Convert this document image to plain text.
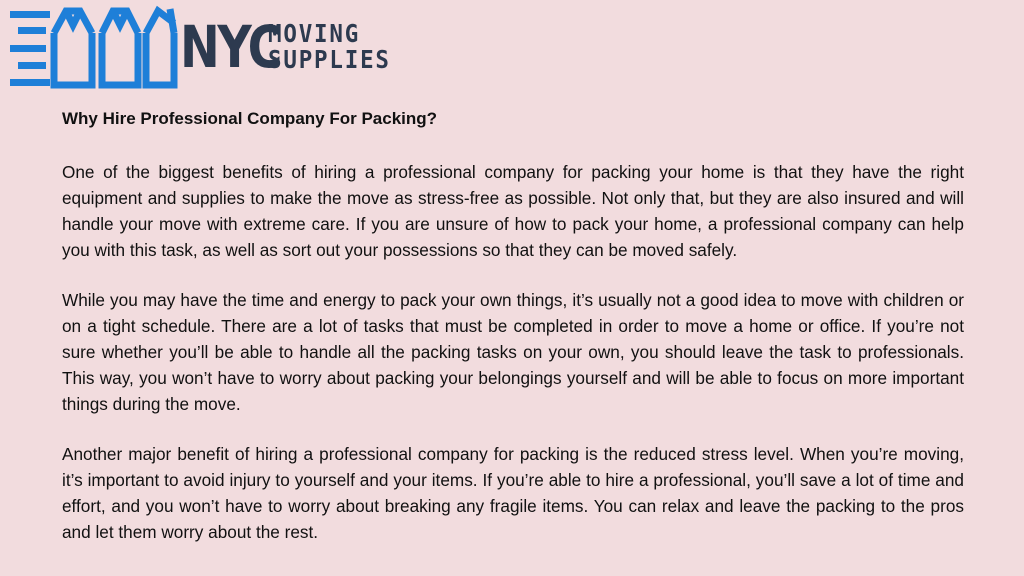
NYC
MOVING
SUPPLIES
Why Hire Professional Company For Packing?

One of the biggest benefits of hiring a professional company for packing your home is that they have the right equipment and supplies to make the move as stress-free as possible. Not only that, but they are also insured and will handle your move with extreme care. If you are unsure of how to pack your home, a professional company can help you with this task, as well as sort out your possessions so that they can be moved safely.

While you may have the time and energy to pack your own things, it’s usually not a good idea to move with children or on a tight schedule. There are a lot of tasks that must be completed in order to move a home or office. If you’re not sure whether you’ll be able to handle all the packing tasks on your own, you should leave the task to professionals. This way, you won’t have to worry about packing your belongings yourself and will be able to focus on more important things during the move.

Another major benefit of hiring a professional company for packing is the reduced stress level. When you’re moving, it’s important to avoid injury to yourself and your items. If you’re able to hire a professional, you’ll save a lot of time and effort, and you won’t have to worry about breaking any fragile items. You can relax and leave the packing to the pros and let them worry about the rest.
